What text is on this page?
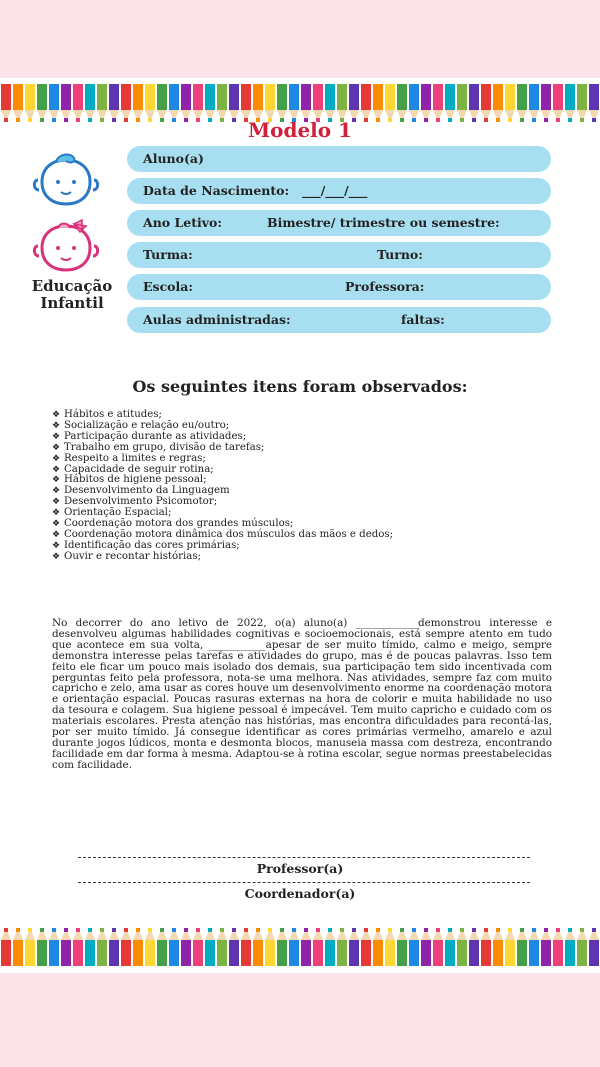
Modelo 1
Educação
Infantil
Aluno(a)
Data de Nascimento: ___/___/___
Ano Letivo:	Bimestre/ trimestre ou semestre:
Turma:	Turno:
Escola:	Professora:
Aulas administradas:	faltas:
Os seguintes itens foram observados:
❖ Hábitos e atitudes;
❖ Socialização e relação eu/outro;
❖ Participação durante as atividades;
❖ Trabalho em grupo, divisão de tarefas;
❖ Respeito a limites e regras;
❖ Capacidade de seguir rotina;
❖ Hábitos de higiene pessoal;
❖ Desenvolvimento da Linguagem
❖ Desenvolvimento Psicomotor;
❖ Orientação Espacial;
❖ Coordenação motora dos grandes músculos;
❖ Coordenação motora dinâmica dos músculos das mãos e dedos;
❖ Identificação das cores primárias;
❖ Ouvir e recontar histórias;
No decorrer do ano letivo de 2022, o(a) aluno(a) ____________demonstrou interesse e desenvolveu algumas habilidades cognitivas e socioemocionais, está sempre atento em tudo que acontece em sua volta, ___________apesar de ser muito tímido, calmo e meigo, sempre demonstra interesse pelas tarefas e atividades do grupo, mas é de poucas palavras. Isso tem feito ele ficar um pouco mais isolado dos demais, sua participação tem sido incentivada com perguntas feito pela professora, nota-se uma melhora. Nas atividades, sempre faz com muito capricho e zelo, ama usar as cores houve um desenvolvimento enorme na coordenação motora e orientação espacial. Poucas rasuras externas na hora de colorir e muita habilidade no uso da tesoura e colagem. Sua higiene pessoal é impecável. Tem muito capricho e cuidado com os materiais escolares. Presta atenção nas histórias, mas encontra dificuldades para recontá-las, por ser muito tímido. Já consegue identificar as cores primárias vermelho, amarelo e azul durante jogos lúdicos, monta e desmonta blocos, manuseia massa com destreza, encontrando facilidade em dar forma à mesma. Adaptou-se à rotina escolar, segue normas preestabelecidas com facilidade.
Professor(a)
Coordenador(a)
